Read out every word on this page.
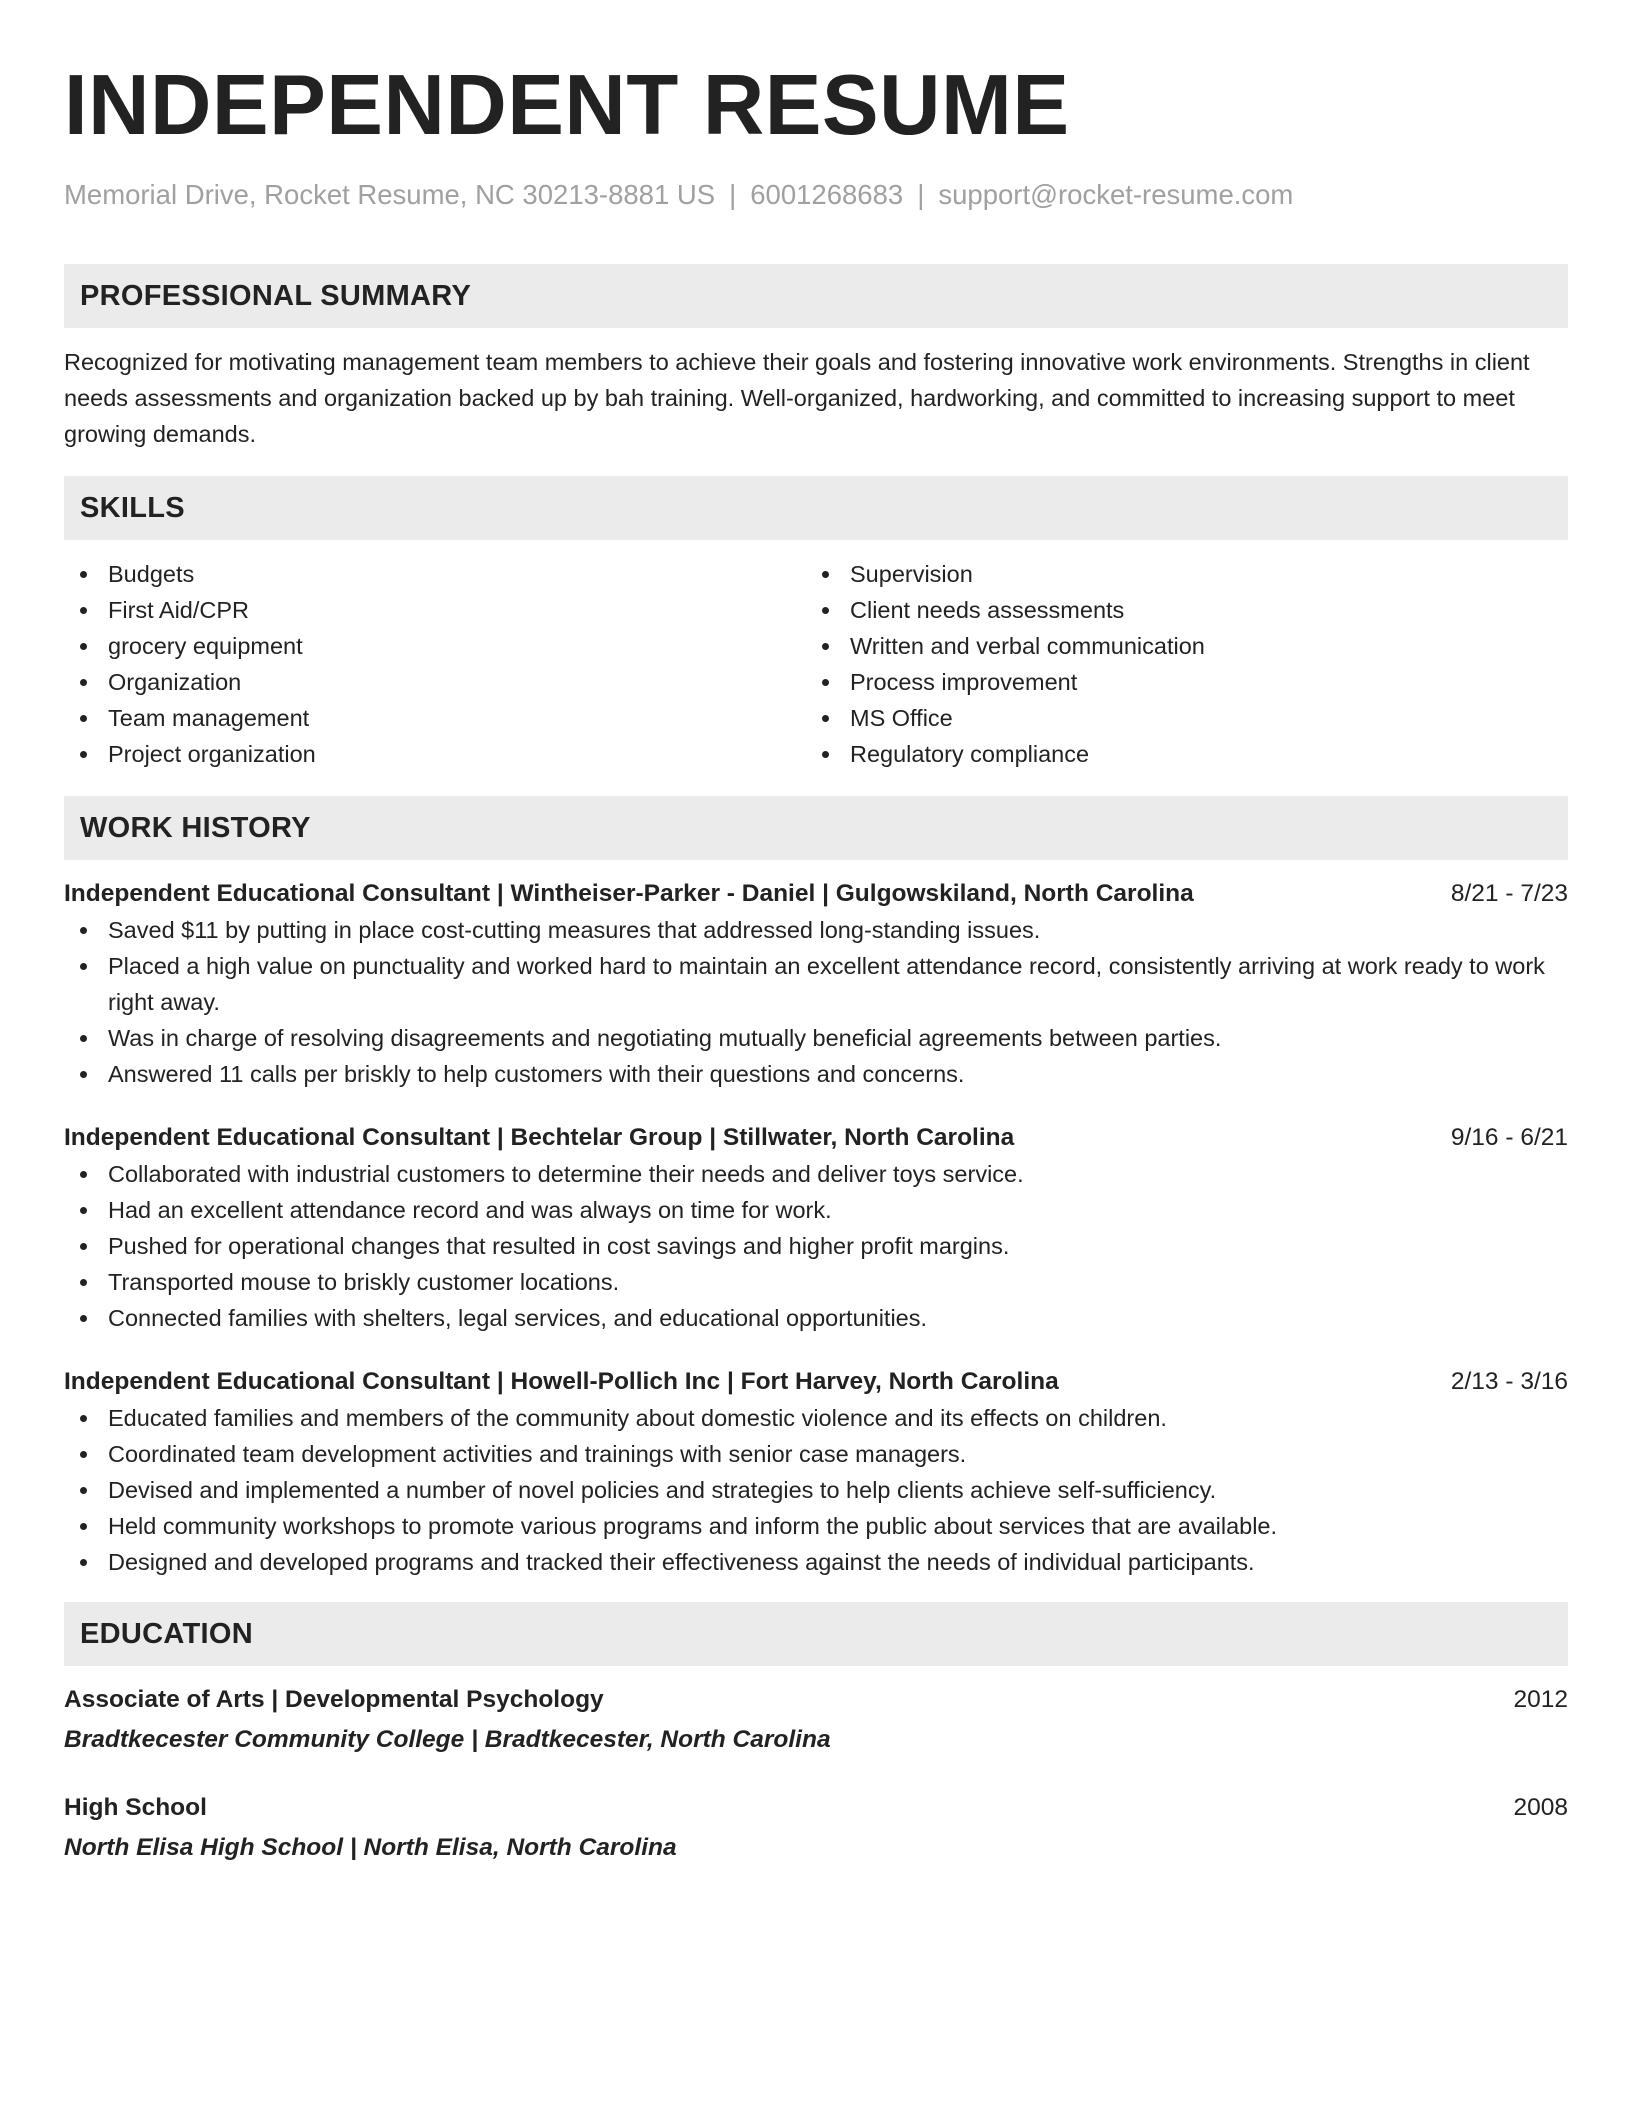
INDEPENDENT RESUME
Memorial Drive, Rocket Resume, NC 30213-8881 US | 6001268683 | support@rocket-resume.com
PROFESSIONAL SUMMARY

Recognized for motivating management team members to achieve their goals and fostering innovative work environments. Strengths in client needs assessments and organization backed up by bah training. Well-organized, hardworking, and committed to increasing support to meet growing demands.

SKILLS
Budgets
First Aid/CPR
grocery equipment
Organization
Team management
Project organization
Supervision
Client needs assessments
Written and verbal communication
Process improvement
MS Office
Regulatory compliance
WORK HISTORY
Independent Educational Consultant | Wintheiser-Parker - Daniel | Gulgowskiland, North Carolina	8/21 - 7/23
Saved $11 by putting in place cost-cutting measures that addressed long-standing issues.
Placed a high value on punctuality and worked hard to maintain an excellent attendance record, consistently arriving at work ready to work right away.
Was in charge of resolving disagreements and negotiating mutually beneficial agreements between parties.
Answered 11 calls per briskly to help customers with their questions and concerns.
Independent Educational Consultant | Bechtelar Group | Stillwater, North Carolina	9/16 - 6/21
Collaborated with industrial customers to determine their needs and deliver toys service.
Had an excellent attendance record and was always on time for work.
Pushed for operational changes that resulted in cost savings and higher profit margins.
Transported mouse to briskly customer locations.
Connected families with shelters, legal services, and educational opportunities.
Independent Educational Consultant | Howell-Pollich Inc | Fort Harvey, North Carolina	2/13 - 3/16
Educated families and members of the community about domestic violence and its effects on children.
Coordinated team development activities and trainings with senior case managers.
Devised and implemented a number of novel policies and strategies to help clients achieve self-sufficiency.
Held community workshops to promote various programs and inform the public about services that are available.
Designed and developed programs and tracked their effectiveness against the needs of individual participants.
EDUCATION
Associate of Arts | Developmental Psychology	2012
Bradtkecester Community College | Bradtkecester, North Carolina
High School	2008
North Elisa High School | North Elisa, North Carolina
